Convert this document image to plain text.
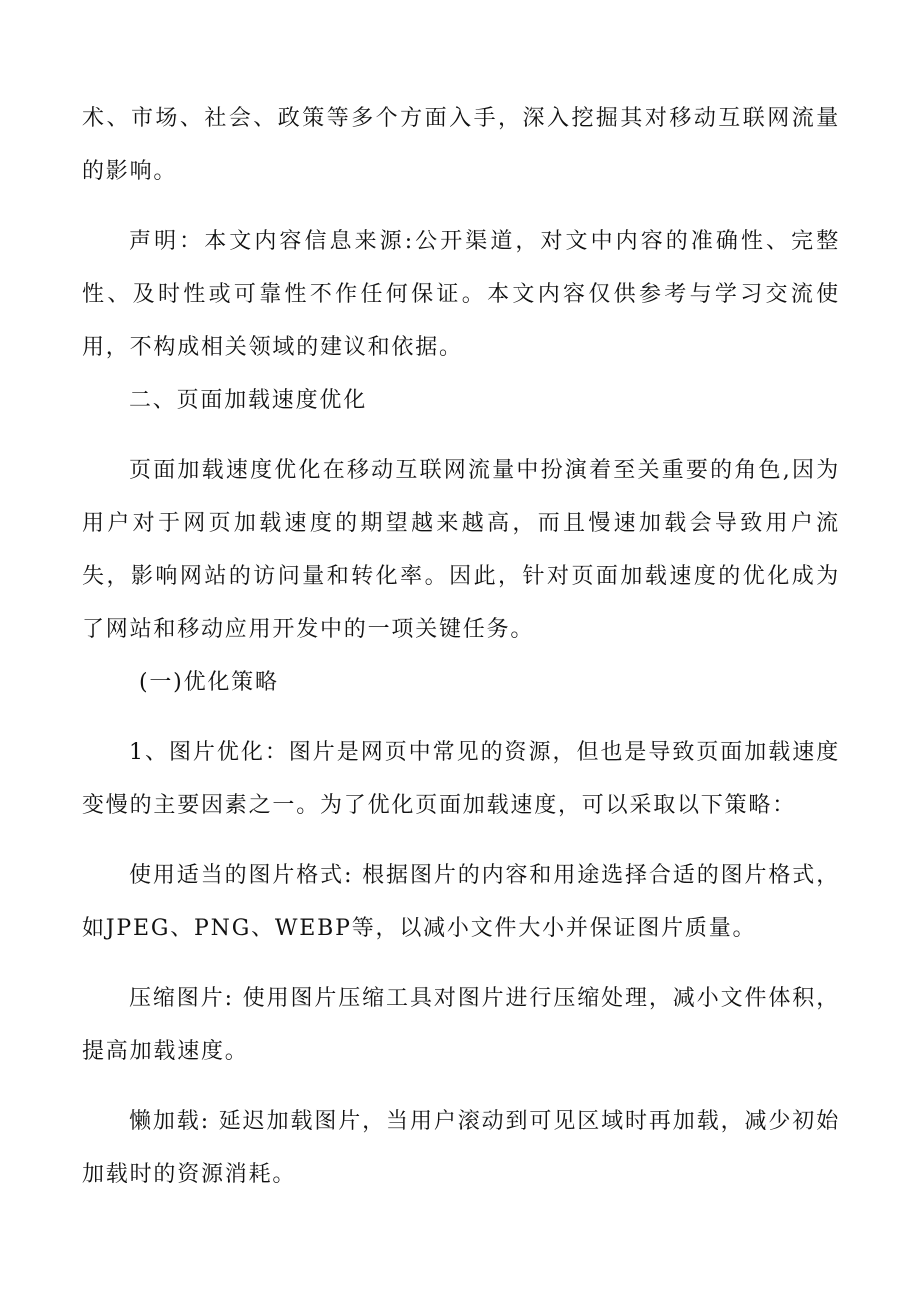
术、市场、社会、政策等多个方面入手，深入挖掘其对移动互联网流量的影响。

声明：本文内容信息来源:公开渠道，对文中内容的准确性、完整性、及时性或可靠性不作任何保证。本文内容仅供参考与学习交流使用，不构成相关领域的建议和依据。

二、页面加载速度优化

页面加载速度优化在移动互联网流量中扮演着至关重要的角色,因为用户对于网页加载速度的期望越来越高，而且慢速加载会导致用户流失，影响网站的访问量和转化率。因此，针对页面加载速度的优化成为了网站和移动应用开发中的一项关键任务。

(一)优化策略

1、图片优化：图片是网页中常见的资源，但也是导致页面加载速度变慢的主要因素之一。为了优化页面加载速度，可以采取以下策略：

使用适当的图片格式: 根据图片的内容和用途选择合适的图片格式，如JPEG、PNG、WEBP等，以减小文件大小并保证图片质量。

压缩图片: 使用图片压缩工具对图片进行压缩处理，减小文件体积，提高加载速度。

懒加载: 延迟加载图片，当用户滚动到可见区域时再加载，减少初始加载时的资源消耗。
